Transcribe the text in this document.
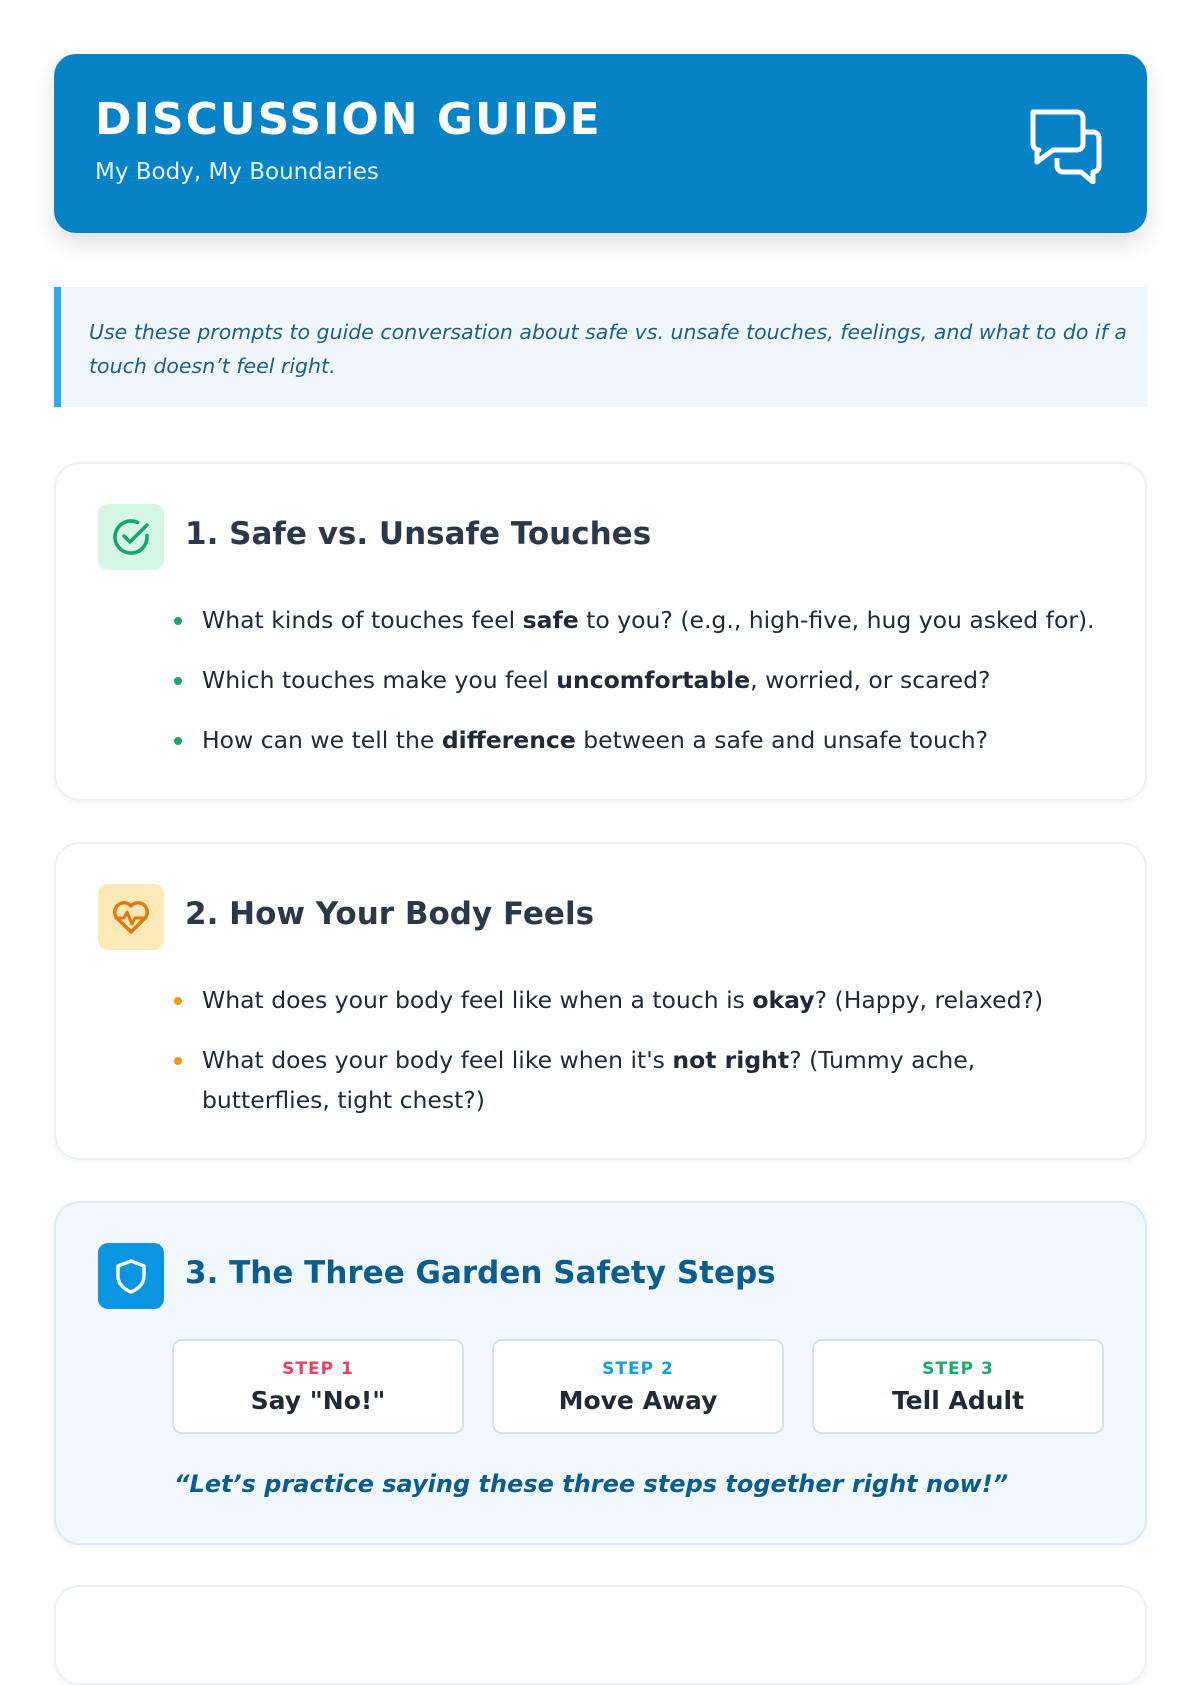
DISCUSSION GUIDE
My Body, My Boundaries
Use these prompts to guide conversation about safe vs. unsafe touches, feelings, and what to do if a touch doesn’t feel right.
1. Safe vs. Unsafe Touches
What kinds of touches feel safe to you? (e.g., high-five, hug you asked for).
Which touches make you feel uncomfortable, worried, or scared?
How can we tell the difference between a safe and unsafe touch?
2. How Your Body Feels
What does your body feel like when a touch is okay? (Happy, relaxed?)
What does your body feel like when it's not right? (Tummy ache, butterflies, tight chest?)
3. The Three Garden Safety Steps
STEP 1
Say "No!"
STEP 2
Move Away
STEP 3
Tell Adult
“Let’s practice saying these three steps together right now!”
